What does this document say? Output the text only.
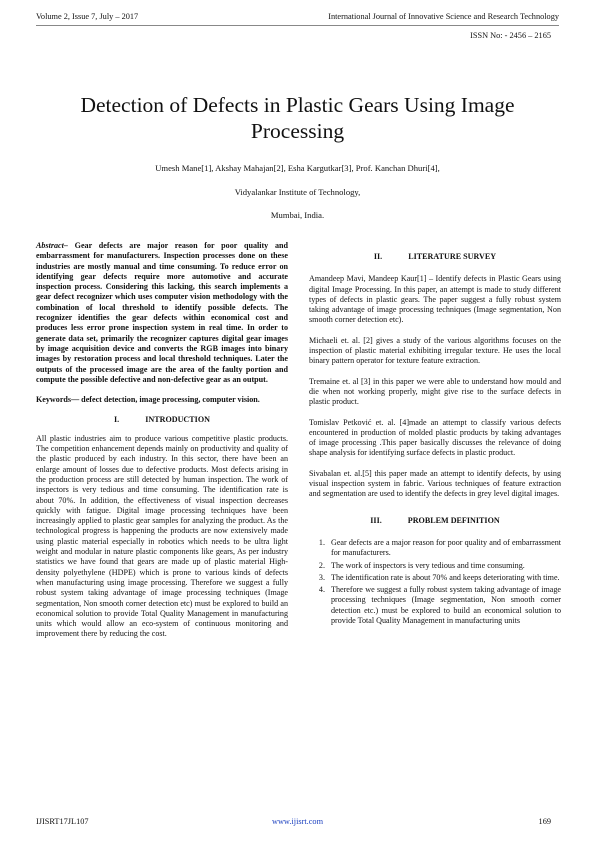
Volume 2, Issue 7, July – 2017	International Journal of Innovative Science and Research Technology
ISSN No: - 2456 – 2165
Detection of Defects in Plastic Gears Using Image
Processing
Umesh Mane[1], Akshay Mahajan[2], Esha Kargutkar[3], Prof. Kanchan Dhuri[4],
Vidyalankar Institute of Technology,
Mumbai, India.

Abstract– Gear defects are major reason for poor quality and embarrassment for manufacturers. Inspection processes done on these industries are mostly manual and time consuming. To reduce error on identifying gear defects require more automotive and accurate inspection process. Considering this lacking, this search implements a gear defect recognizer which uses computer vision methodology with the combination of local threshold to identify possible defects. The recognizer identifies the gear defects within economical cost and produces less error prone inspection system in real time. In order to generate data set, primarily the recognizer captures digital gear images by image acquisition device and converts the RGB images into binary images by restoration process and local threshold techniques. Later the outputs of the processed image are the area of the faulty portion and compute the possible defective and non-defective gear as an output.

Keywords— defect detection, image processing, computer vision.

I.	INTRODUCTION

All plastic industries aim to produce various competitive plastic products. The competition enhancement depends mainly on productivity and quality of the plastic produced by each industry. In this sector, there have been an enlarge amount of losses due to defective products. Most defects arising in the production process are still detected by human inspection. The work of inspectors is very tedious and time consuming. The identification rate is about 70%. In addition, the effectiveness of visual inspection decreases quickly with fatigue. Digital image processing techniques have been increasingly applied to plastic gear samples for analyzing the product. As the technological progress is happening the products are now extensively made using plastic material especially in robotics which needs to be ultra light weight and modular in nature plastic components like gears, As per industry statistics we have found that gears are made up of plastic material High-density polyethylene (HDPE) which is prone to various kinds of defects when manufacturing using image processing. Therefore we suggest a fully robust system taking advantage of image processing techniques (Image segmentation, Non smooth corner detection etc) must be explored to build an economical solution to provide Total Quality Management in manufacturing units which would allow an eco-system of continuous monitoring and improvement there by reducing the cost.

II.	LITERATURE SURVEY

Amandeep Mavi, Mandeep Kaur[1] – Identify defects in Plastic Gears using digital Image Processing. In this paper, an attempt is made to study different types of defects in plastic gears. The paper suggest a fully robust system taking advantage of image processing techniques (Image segmentation, Non smooth corner detection etc).

Michaeli et. al. [2] gives a study of the various algorithms focuses on the inspection of plastic material exhibiting irregular texture. He uses the local binary pattern operator for texture feature extraction.

Tremaine et. al [3] in this paper we were able to understand how mould and die when not working properly, might give rise to the surface defects in plastic product.

Tomislav Petković et. al. [4]made an attempt to classify various defects encountered in production of molded plastic products by taking advantages of image processing .This paper basically discusses the relevance of doing shape analysis for identifying surface defects in plastic product.

Sivabalan et. al.[5] this paper made an attempt to identify defects, by using visual inspection system in fabric. Various techniques of feature extraction and segmentation are used to identify the defects in grey level digital images.

III.	PROBLEM DEFINITION
1. Gear defects are a major reason for poor quality and of embarrassment for manufacturers.
2. The work of inspectors is very tedious and time consuming.
3. The identification rate is about 70% and keeps deteriorating with time.
4. Therefore we suggest a fully robust system taking advantage of image processing techniques (Image segmentation, Non smooth corner detection etc.) must be explored to build an economical solution to provide Total Quality Management in manufacturing units
IJISRT17JL107	www.ijisrt.com	169
